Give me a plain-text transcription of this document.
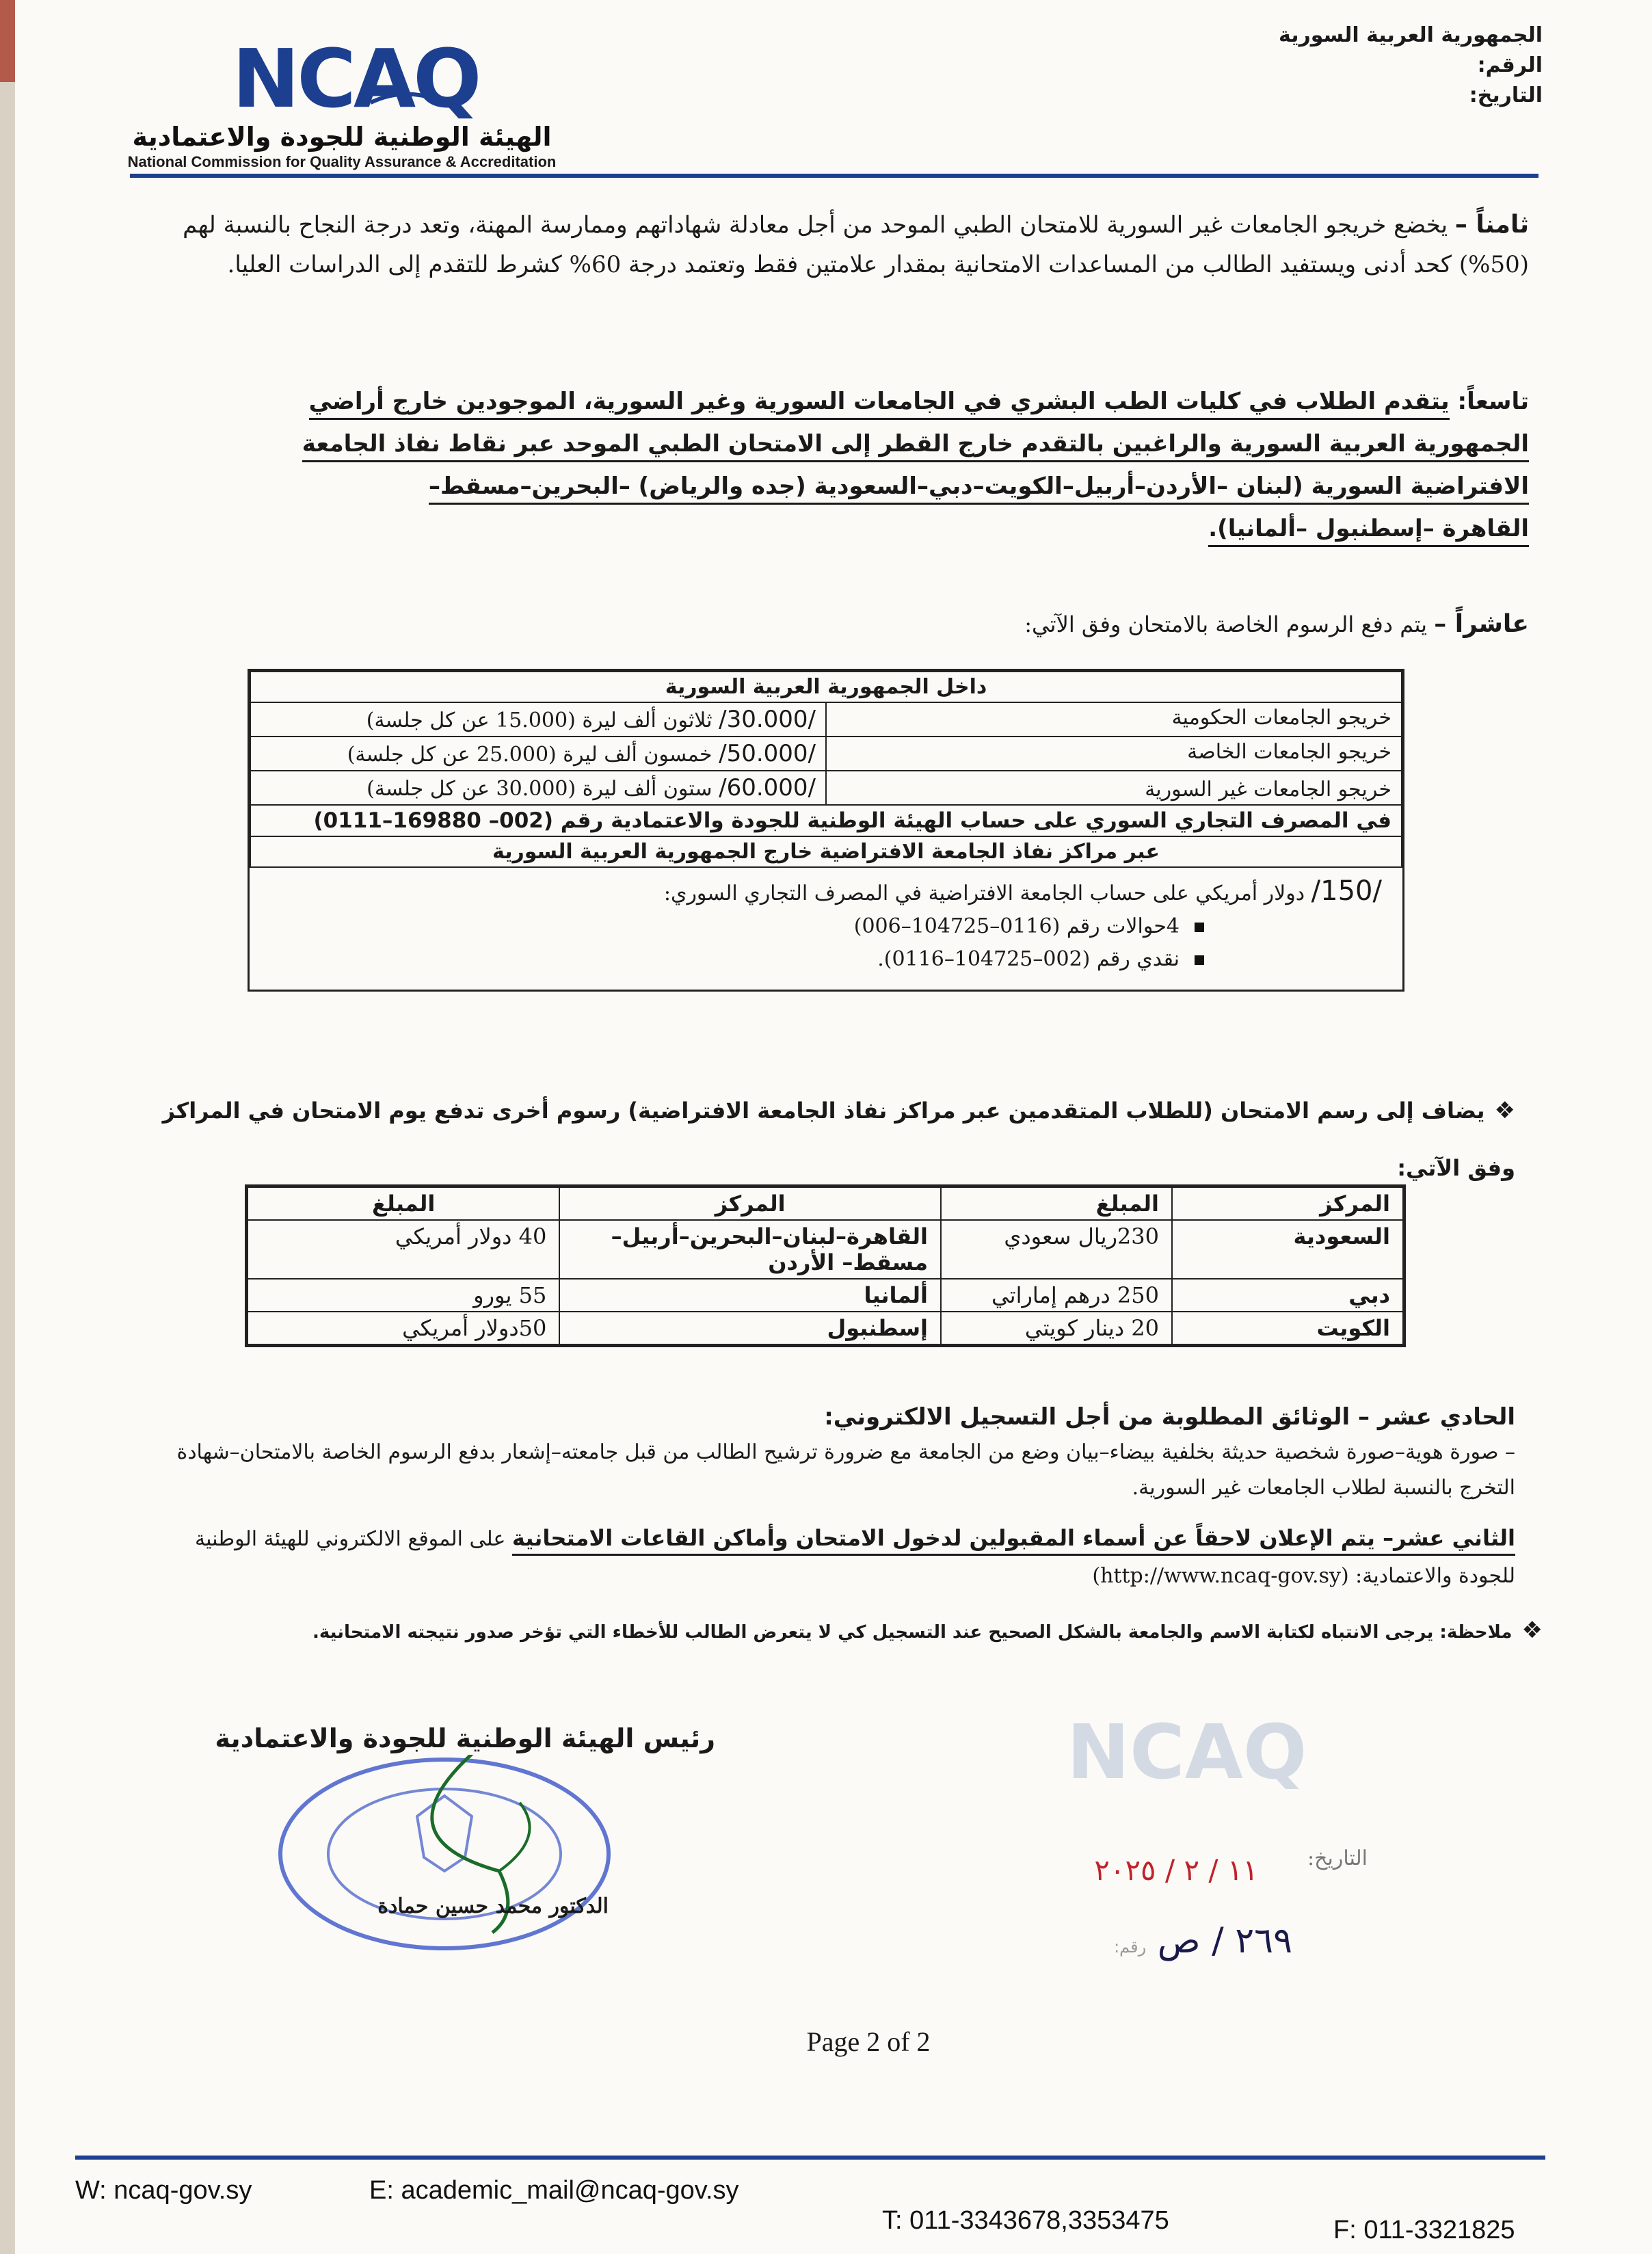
الجمهورية العربية السورية
الرقم:
التاريخ:
NCAQ
الهيئة الوطنية للجودة والاعتمادية
National Commission for Quality Assurance & Accreditation
ثامناً – يخضع خريجو الجامعات غير السورية للامتحان الطبي الموحد من أجل معادلة شهاداتهم وممارسة المهنة، وتعد درجة النجاح بالنسبة لهم (50%) كحد أدنى ويستفيد الطالب من المساعدات الامتحانية بمقدار علامتين فقط وتعتمد درجة 60% كشرط للتقدم إلى الدراسات العليا.
تاسعاً: يتقدم الطلاب في كليات الطب البشري في الجامعات السورية وغير السورية، الموجودين خارج أراضي
الجمهورية العربية السورية والراغبين بالتقدم خارج القطر إلى الامتحان الطبي الموحد عبر نقاط نفاذ الجامعة
الافتراضية السورية (لبنان –الأردن–أربيل–الكويت–دبي–السعودية (جده والرياض) –البحرين–مسقط–
القاهرة –إسطنبول –ألمانيا).
عاشراً – يتم دفع الرسوم الخاصة بالامتحان وفق الآتي:
داخل الجمهورية العربية السورية	
خريجو الجامعات الحكومية	/30.000/ ثلاثون ألف ليرة (15.000 عن كل جلسة)
خريجو الجامعات الخاصة	/50.000/ خمسون ألف ليرة (25.000 عن كل جلسة)
خريجو الجامعات غير السورية	/60.000/ ستون ألف ليرة (30.000 عن كل جلسة)
في المصرف التجاري السوري على حساب الهيئة الوطنية للجودة والاعتمادية رقم (002– 169880–0111)	
عبر مراكز نفاذ الجامعة الافتراضية خارج الجمهورية العربية السورية	
/150/ دولار أمريكي على حساب الجامعة الافتراضية في المصرف التجاري السوري:
4حوالات رقم (0116–104725–006)
نقدي رقم (002–104725–0116).
❖يضاف إلى رسم الامتحان (للطلاب المتقدمين عبر مراكز نفاذ الجامعة الافتراضية) رسوم أخرى تدفع يوم الامتحان في المراكز وفق الآتي:
المركز	المبلغ	المركز	المبلغ
السعودية	230ريال سعودي	القاهرة–لبنان–البحرين–أربيل–مسقط– الأردن	40 دولار أمريكي
دبي	250 درهم إماراتي	ألمانيا	55 يورو
الكويت	20 دينار كويتي	إسطنبول	50دولار أمريكي
الحادي عشر – الوثائق المطلوبة من أجل التسجيل الالكتروني:
– صورة هوية–صورة شخصية حديثة بخلفية بيضاء–بيان وضع من الجامعة مع ضرورة ترشيح الطالب من قبل جامعته–إشعار بدفع الرسوم الخاصة بالامتحان–شهادة التخرج بالنسبة لطلاب الجامعات غير السورية.
الثاني عشر– يتم الإعلان لاحقاً عن أسماء المقبولين لدخول الامتحان وأماكن القاعات الامتحانية على الموقع الالكتروني للهيئة الوطنية للجودة والاعتمادية: (http://www.ncaq-gov.sy)
❖ملاحظة: يرجى الانتباه لكتابة الاسم والجامعة بالشكل الصحيح عند التسجيل كي لا يتعرض الطالب للأخطاء التي تؤخر صدور نتيجته الامتحانية.
رئيس الهيئة الوطنية للجودة والاعتمادية
الدكتور محمد حسين حمادة
NCAQ
التاريخ:
١١ / ٢ / ٢٠٢٥
٢٦٩ / ص رقم:
Page 2 of 2
W: ncaq-gov.sy	E: academic_mail@ncaq-gov.sy
T: 011-3343678,3353475	F: 011-3321825
